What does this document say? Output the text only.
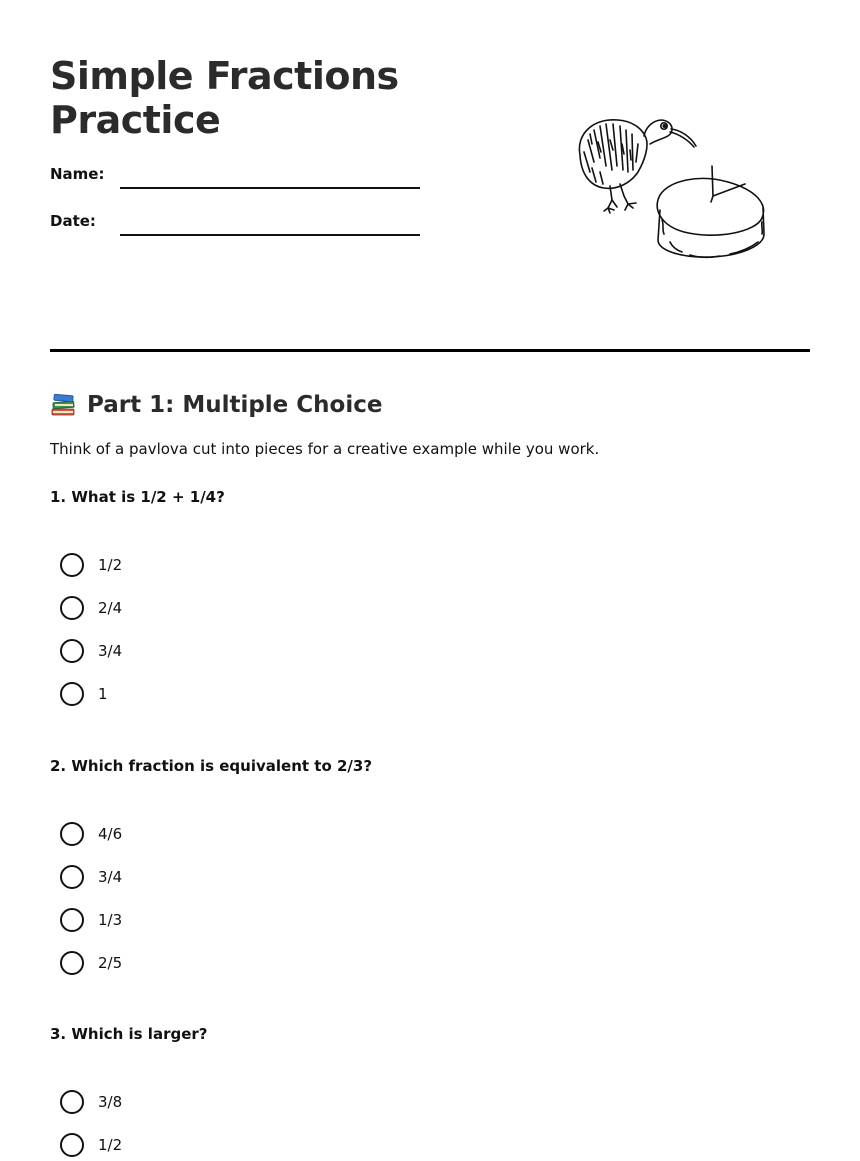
Simple Fractions Practice
Name:
Date:
Part 1: Multiple Choice

Think of a pavlova cut into pieces for a creative example while you work.

1. What is 1/2 + 1/4?
1/2
2/4
3/4
1
2. Which fraction is equivalent to 2/3?
4/6
3/4
1/3
2/5
3. Which is larger?
3/8
1/2
